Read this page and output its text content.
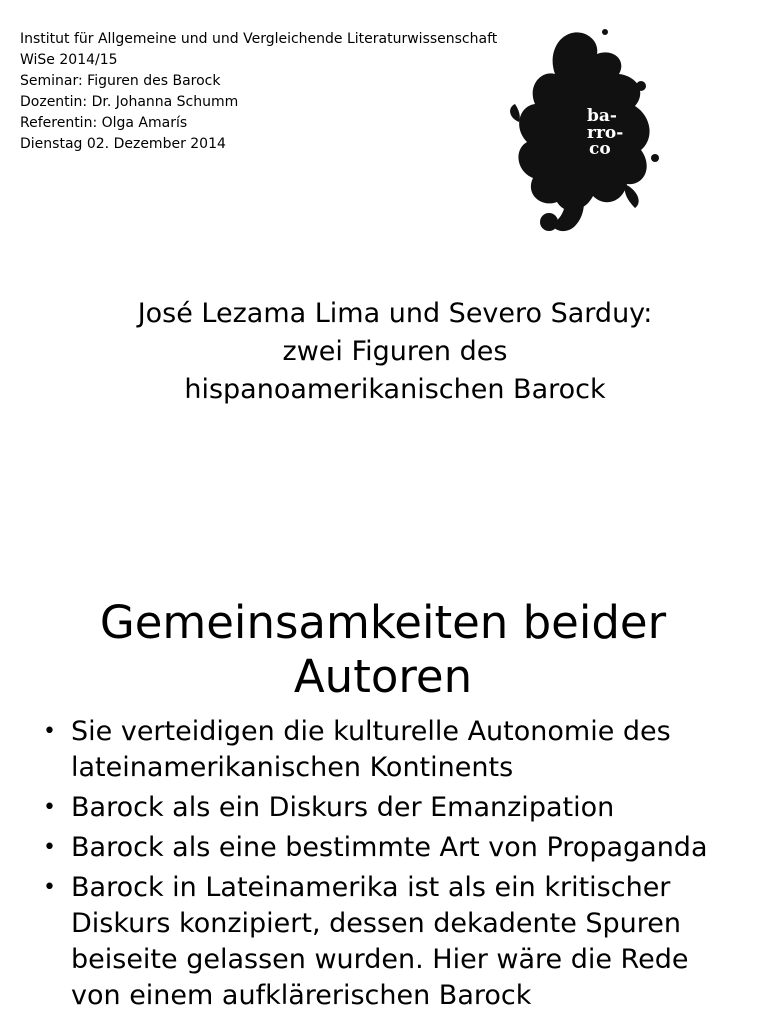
Institut für Allgemeine und und Vergleichende Literaturwissenschaft
WiSe 2014/15
Seminar: Figuren des Barock
Dozentin: Dr. Johanna Schumm
Referentin: Olga Amarís
Dienstag 02. Dezember 2014
ba-
rro-
co
José Lezama Lima und Severo Sarduy:
zwei Figuren des
hispanoamerikanischen Barock
Gemeinsamkeiten beider
Autoren
• Sie verteidigen die kulturelle Autonomie des lateinamerikanischen Kontinents
• Barock als ein Diskurs der Emanzipation
• Barock als eine bestimmte Art von Propaganda
• Barock in Lateinamerika ist als ein kritischer Diskurs konzipiert, dessen dekadente Spuren beiseite gelassen wurden. Hier wäre die Rede von einem aufklärerischen Barock
